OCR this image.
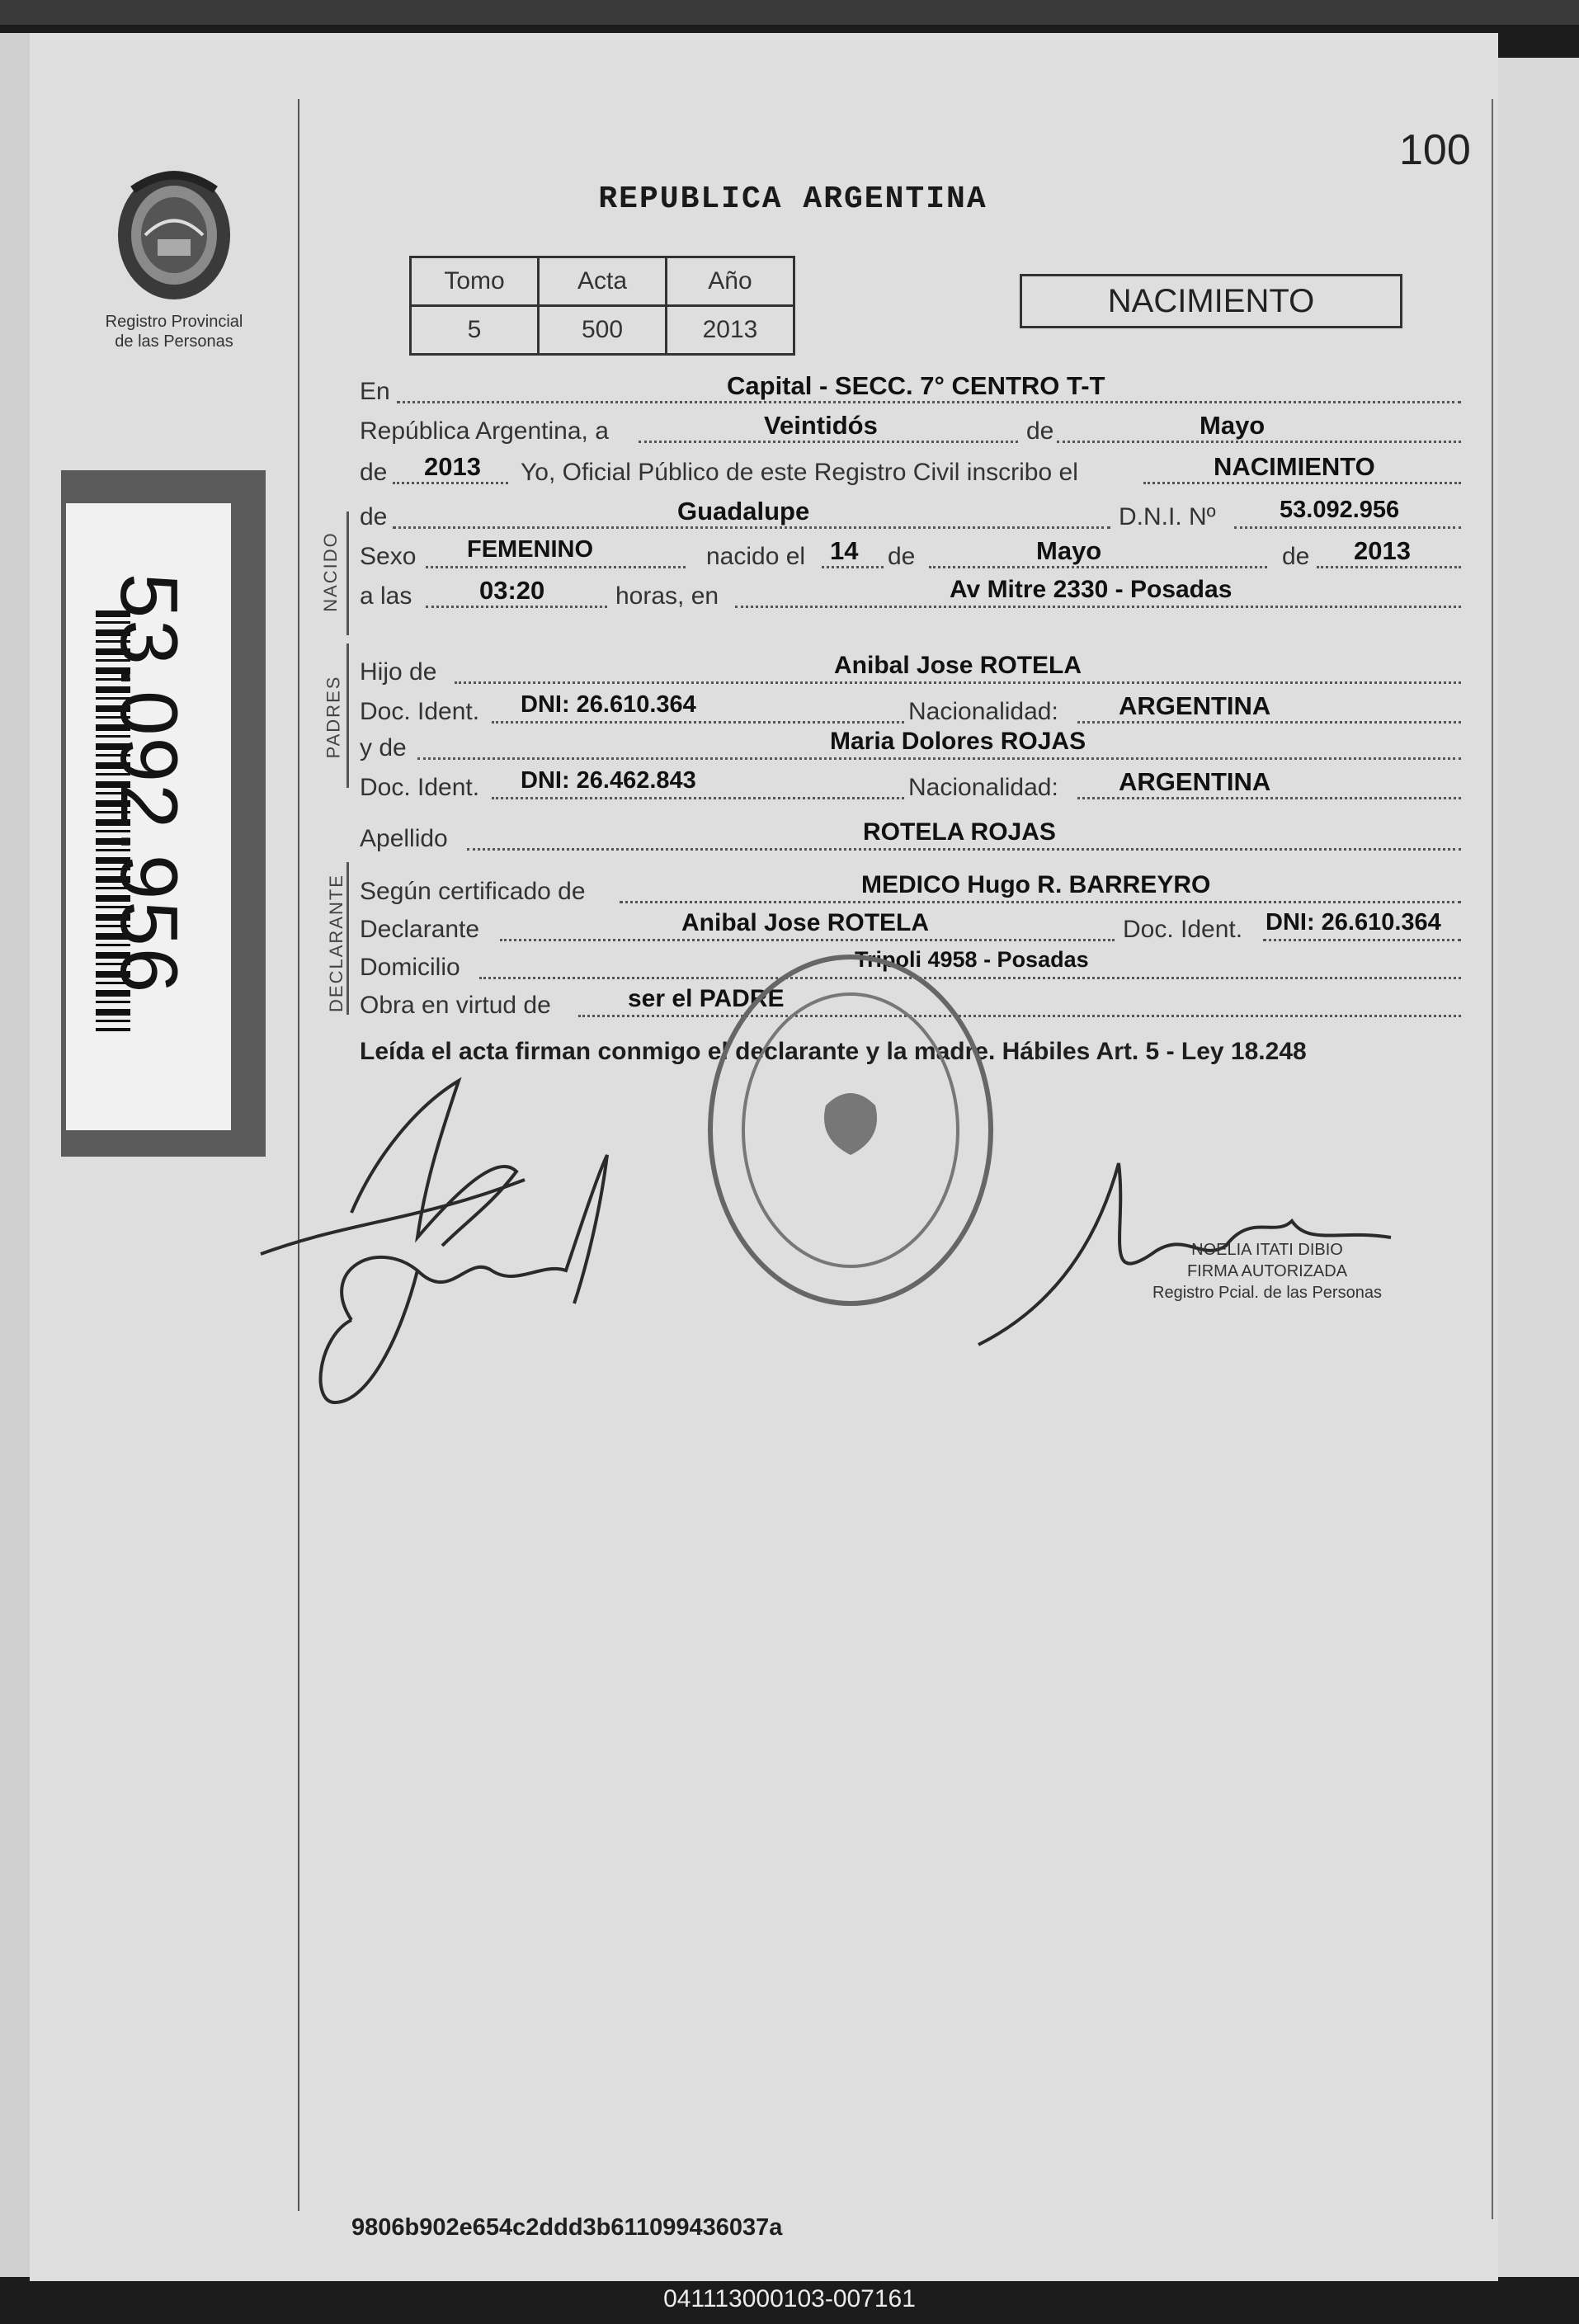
Registro Provincial
de las Personas
53.092.956
100
REPUBLICA ARGENTINA
Tomo	Acta	Año
5	500	2013
NACIMIENTO
NACIDO
PADRES
DECLARANTE
En	Capital - SECC. 7° CENTRO T-T
República Argentina, a	Veintidós	de	Mayo
de 2013 Yo, Oficial Público de este Registro Civil inscribo el	NACIMIENTO
de	Guadalupe	D.N.I. Nº	53.092.956
Sexo FEMENINO	nacido el 14 de	Mayo	de 2013
a las	03:20	horas, en	Av Mitre 2330 - Posadas
Hijo de	Anibal Jose ROTELA
Doc. Ident. DNI: 26.610.364	Nacionalidad: ARGENTINA
y de	Maria Dolores ROJAS
Doc. Ident. DNI: 26.462.843	Nacionalidad: ARGENTINA
Apellido	ROTELA ROJAS
Según certificado de	MEDICO Hugo R. BARREYRO
Declarante	Anibal Jose ROTELA	Doc. Ident. DNI: 26.610.364
Domicilio	Tripoli 4958 - Posadas
Obra en virtud de	ser el PADRE
Leída el acta firman conmigo el declarante y la madre. Hábiles Art. 5 - Ley 18.248
NOELIA ITATI DIBIO
FIRMA AUTORIZADA
Registro Pcial. de las Personas
9806b902e654c2ddd3b611099436037a
041113000103-007161
